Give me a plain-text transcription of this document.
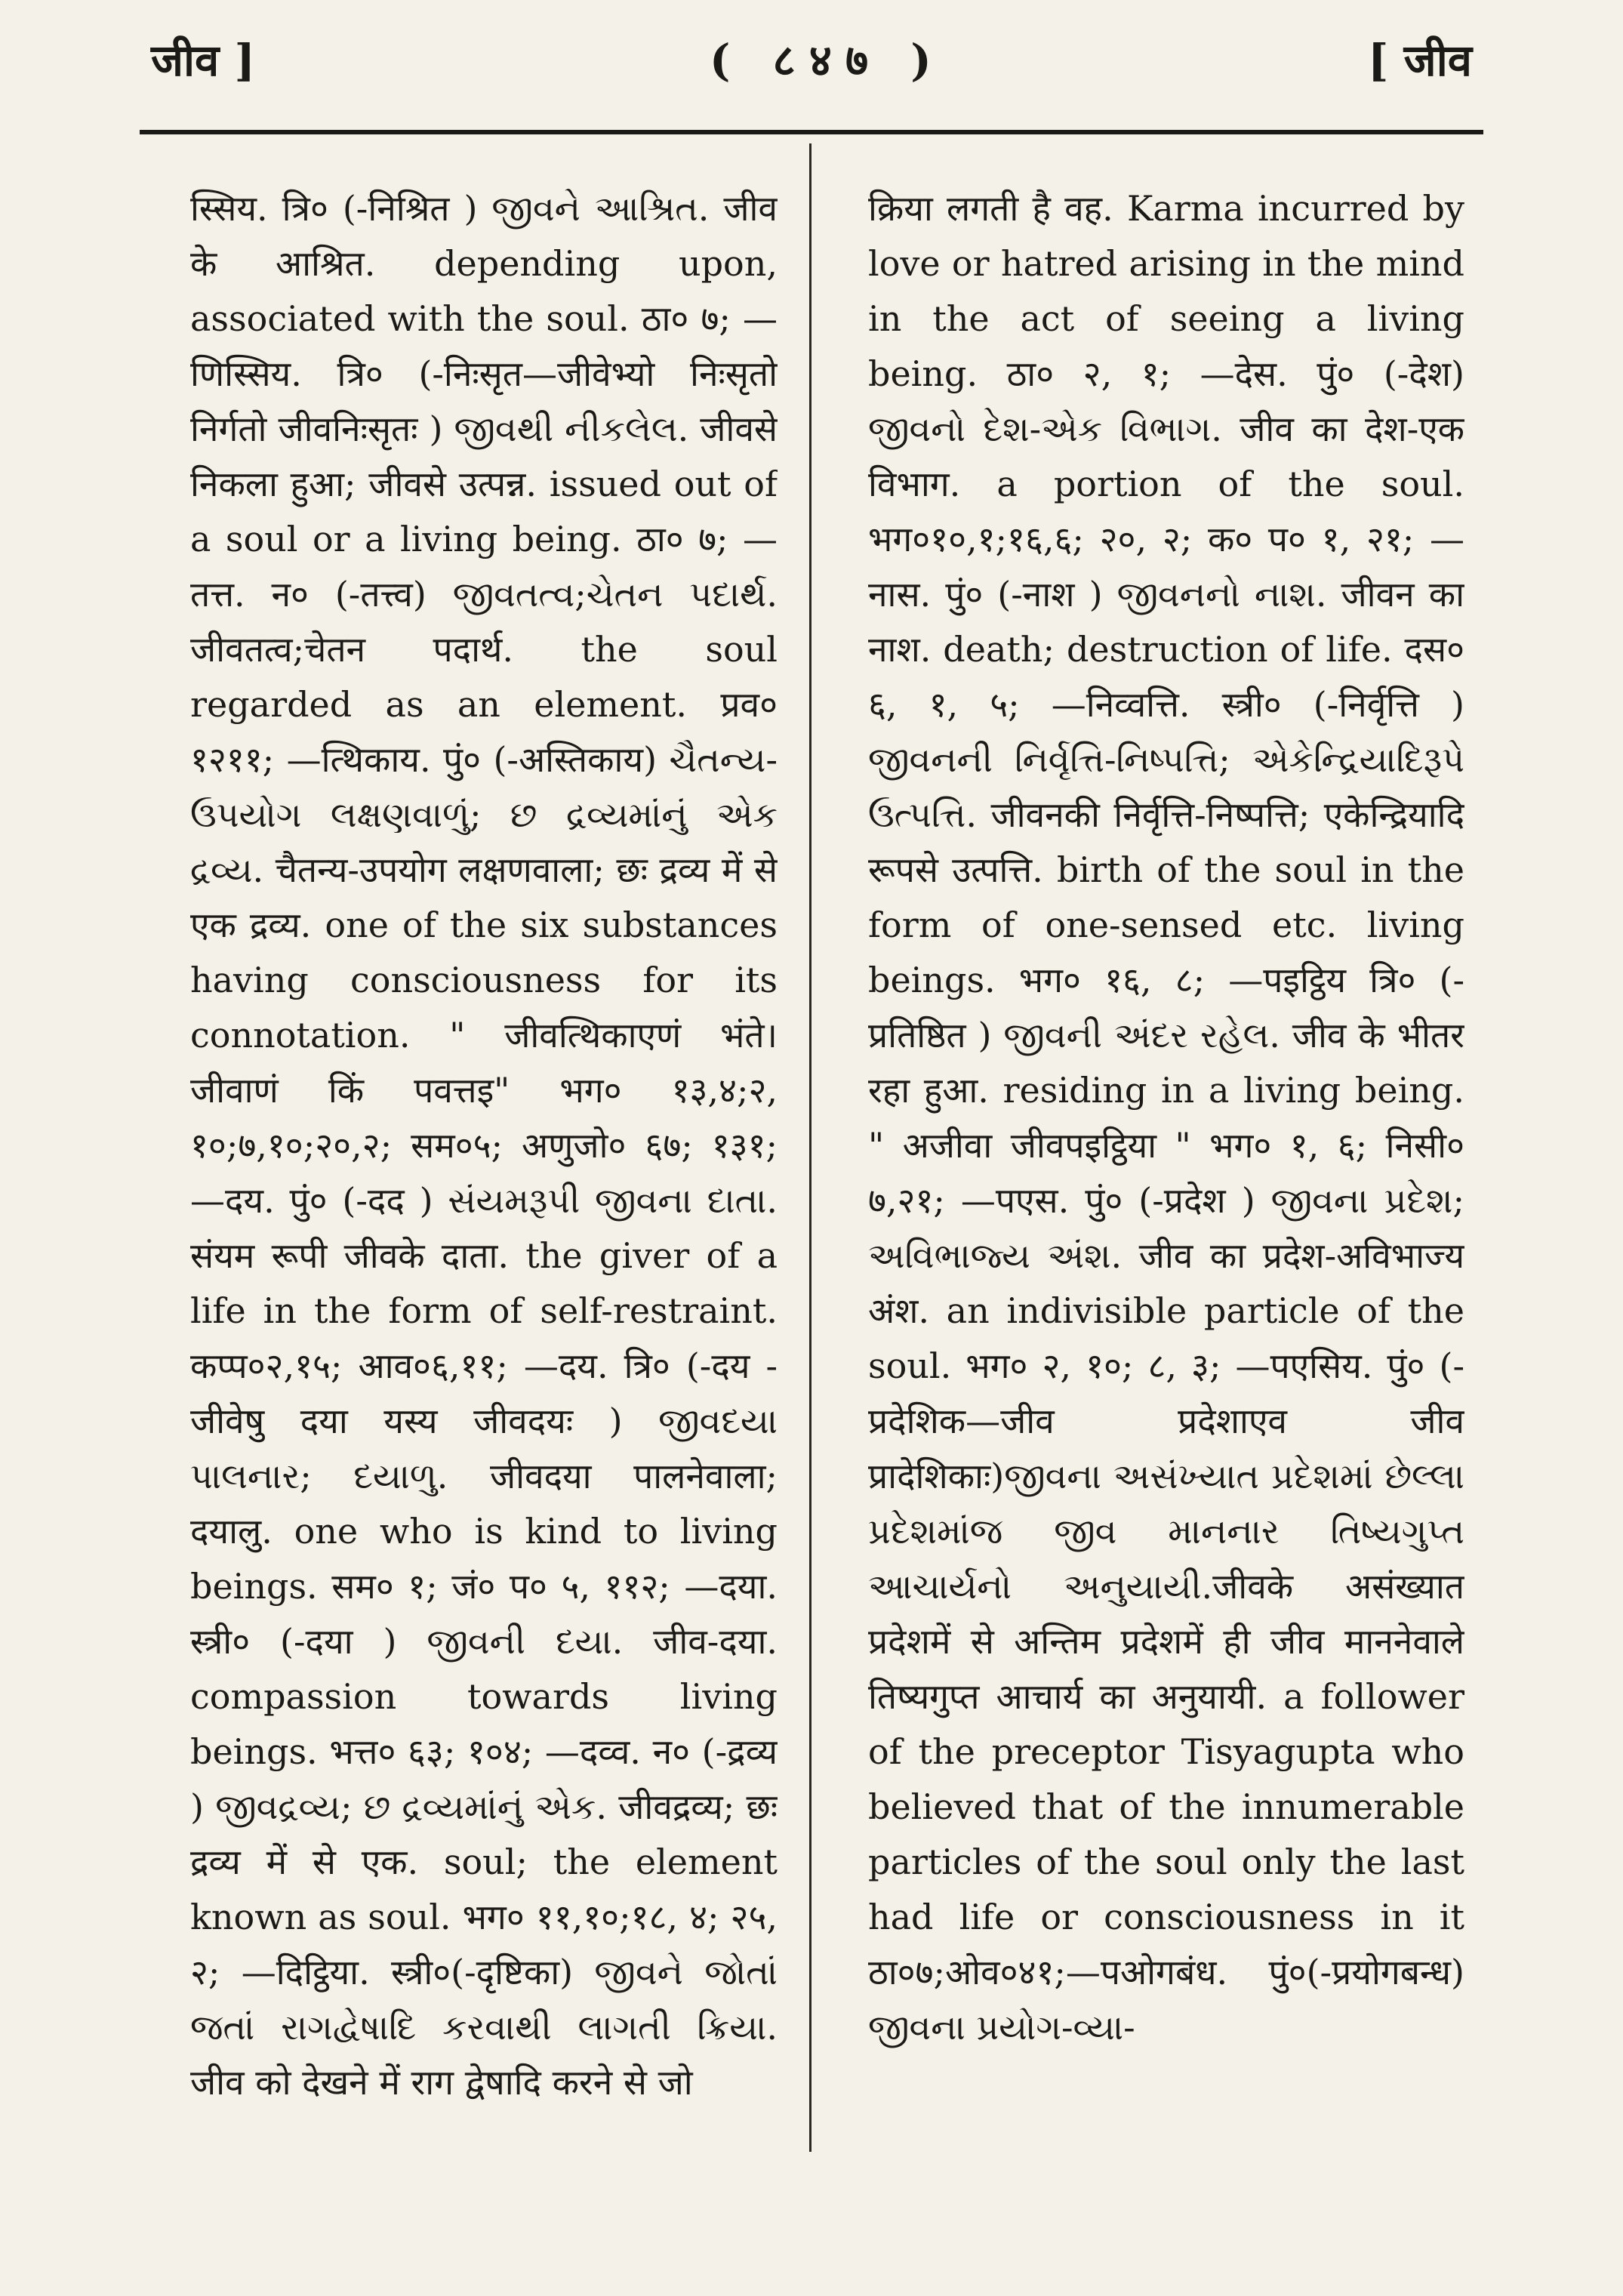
जीव ]	( ८४७ )	[ जीव

स्सिय. त्रि० (-निश्रित ) જીવને આશ્રિત. जीव के आश्रित. depending upon, associated with the soul. ठा० ७; —णिस्सिय. त्रि० (-निःसृत—जीवेभ्यो निःसृतो निर्गतो जीवनिःसृतः ) જીવથી નીકલેલ. जीवसे निकला हुआ; जीवसे उत्पन्न. issued out of a soul or a living being. ठा० ७; —तत्त. न० (-तत्त्व) જીવતત્વ;ચેતન પદાર્થ. जीवतत्व;चेतन पदार्थ. the soul regarded as an element. प्रव० १२११; —त्थिकाय. पुं० (-अस्तिकाय) ચૈતન્ય-ઉપયોગ લક્ષણવાળું; છ દ્રવ્યમાંનું એક દ્રવ્ય. चैतन्य-उपयोग लक्षणवाला; छः द्रव्य में से एक द्रव्य. one of the six substances having consciousness for its connotation. " जीवत्थिकाएणं भंते। जीवाणं किं पवत्तइ" भग० १३,४;२, १०;७,१०;२०,२; सम०५; अणुजो० ६७; १३१; —दय. पुं० (-दद ) સંયમરૂપી જીવના દાતા. संयम रूपी जीवके दाता. the giver of a life in the form of self-restraint. कप्प०२,१५; आव०६,११; —दय. त्रि० (-दय - जीवेषु दया यस्य जीवदयः ) જીવદયા પાલનાર; દયાળુ. जीवदया पालनेवाला; दयालु. one who is kind to living beings. सम० १; जं० प० ५, ११२; —दया. स्त्री० (-दया ) જીવની દયા. जीव-दया. compassion towards living beings. भत्त० ६३; १०४; —दव्व. न० (-द्रव्य ) જીવદ્રવ્ય; છ દ્રવ્યમાંનું એક. जीवद्रव्य; छः द्रव्य में से एक. soul; the element known as soul. भग० ११,१०;१८, ४; २५, २; —दिट्ठिया. स्त्री०(-दृष्टिका) જીવને જોતાં જતાં રાગદ્વેષાદિ કરવાથી લાગતી ક્રિયા. जीव को देखने में राग द्वेषादि करने से जो

क्रिया लगती है वह. Karma incurred by love or hatred arising in the mind in the act of seeing a living being. ठा० २, १; —देस. पुं० (-देश) જીવનો દેશ-એક વિભાગ. जीव का देश-एक विभाग. a portion of the soul. भग०१०,१;१६,६; २०, २; क० प० १, २१; —नास. पुं० (-नाश ) જીવનનો નાશ. जीवन का नाश. death; destruction of life. दस० ६, १, ५; —निव्वत्ति. स्त्री० (-निर्वृत्ति ) જીવનની નિર્વૃત્તિ-નિષ્પત્તિ; એકેન્દ્રિયાદિરૂપે ઉત્પત્તિ. जीवनकी निर्वृत्ति-निष्पत्ति; एकेन्द्रियादि रूपसे उत्पत्ति. birth of the soul in the form of one-sensed etc. living beings. भग० १६, ८; —पइट्ठिय त्रि० (-प्रतिष्ठित ) જીવની અંદર રહેલ. जीव के भीतर रहा हुआ. residing in a living being. " अजीवा जीवपइट्ठिया " भग० १, ६; निसी० ७,२१; —पएस. पुं० (-प्रदेश ) જીવના પ્રદેશ; અવિભાજ્ય અંશ. जीव का प्रदेश-अविभाज्य अंश. an indivisible particle of the soul. भग० २, १०; ८, ३; —पएसिय. पुं० (-प्रदेशिक—जीव प्रदेशाएव जीव प्रादेशिकाः)જીવના અસંખ્યાત પ્રદેશમાં છેલ્લા પ્રદેશમાંજ જીવ માનનાર તિષ્યગુપ્ત આચાર્યનો અનુયાયી.जीवके असंख्यात प्रदेशमें से अन्तिम प्रदेशमें ही जीव माननेवाले तिष्यगुप्त आचार्य का अनुयायी. a follower of the preceptor Tisyagupta who believed that of the innumerable particles of the soul only the last had life or consciousness in it ठा०७;ओव०४१;—पओगबंध. पुं०(-प्रयोगबन्ध) જીવના પ્રયોગ-વ્યા-
